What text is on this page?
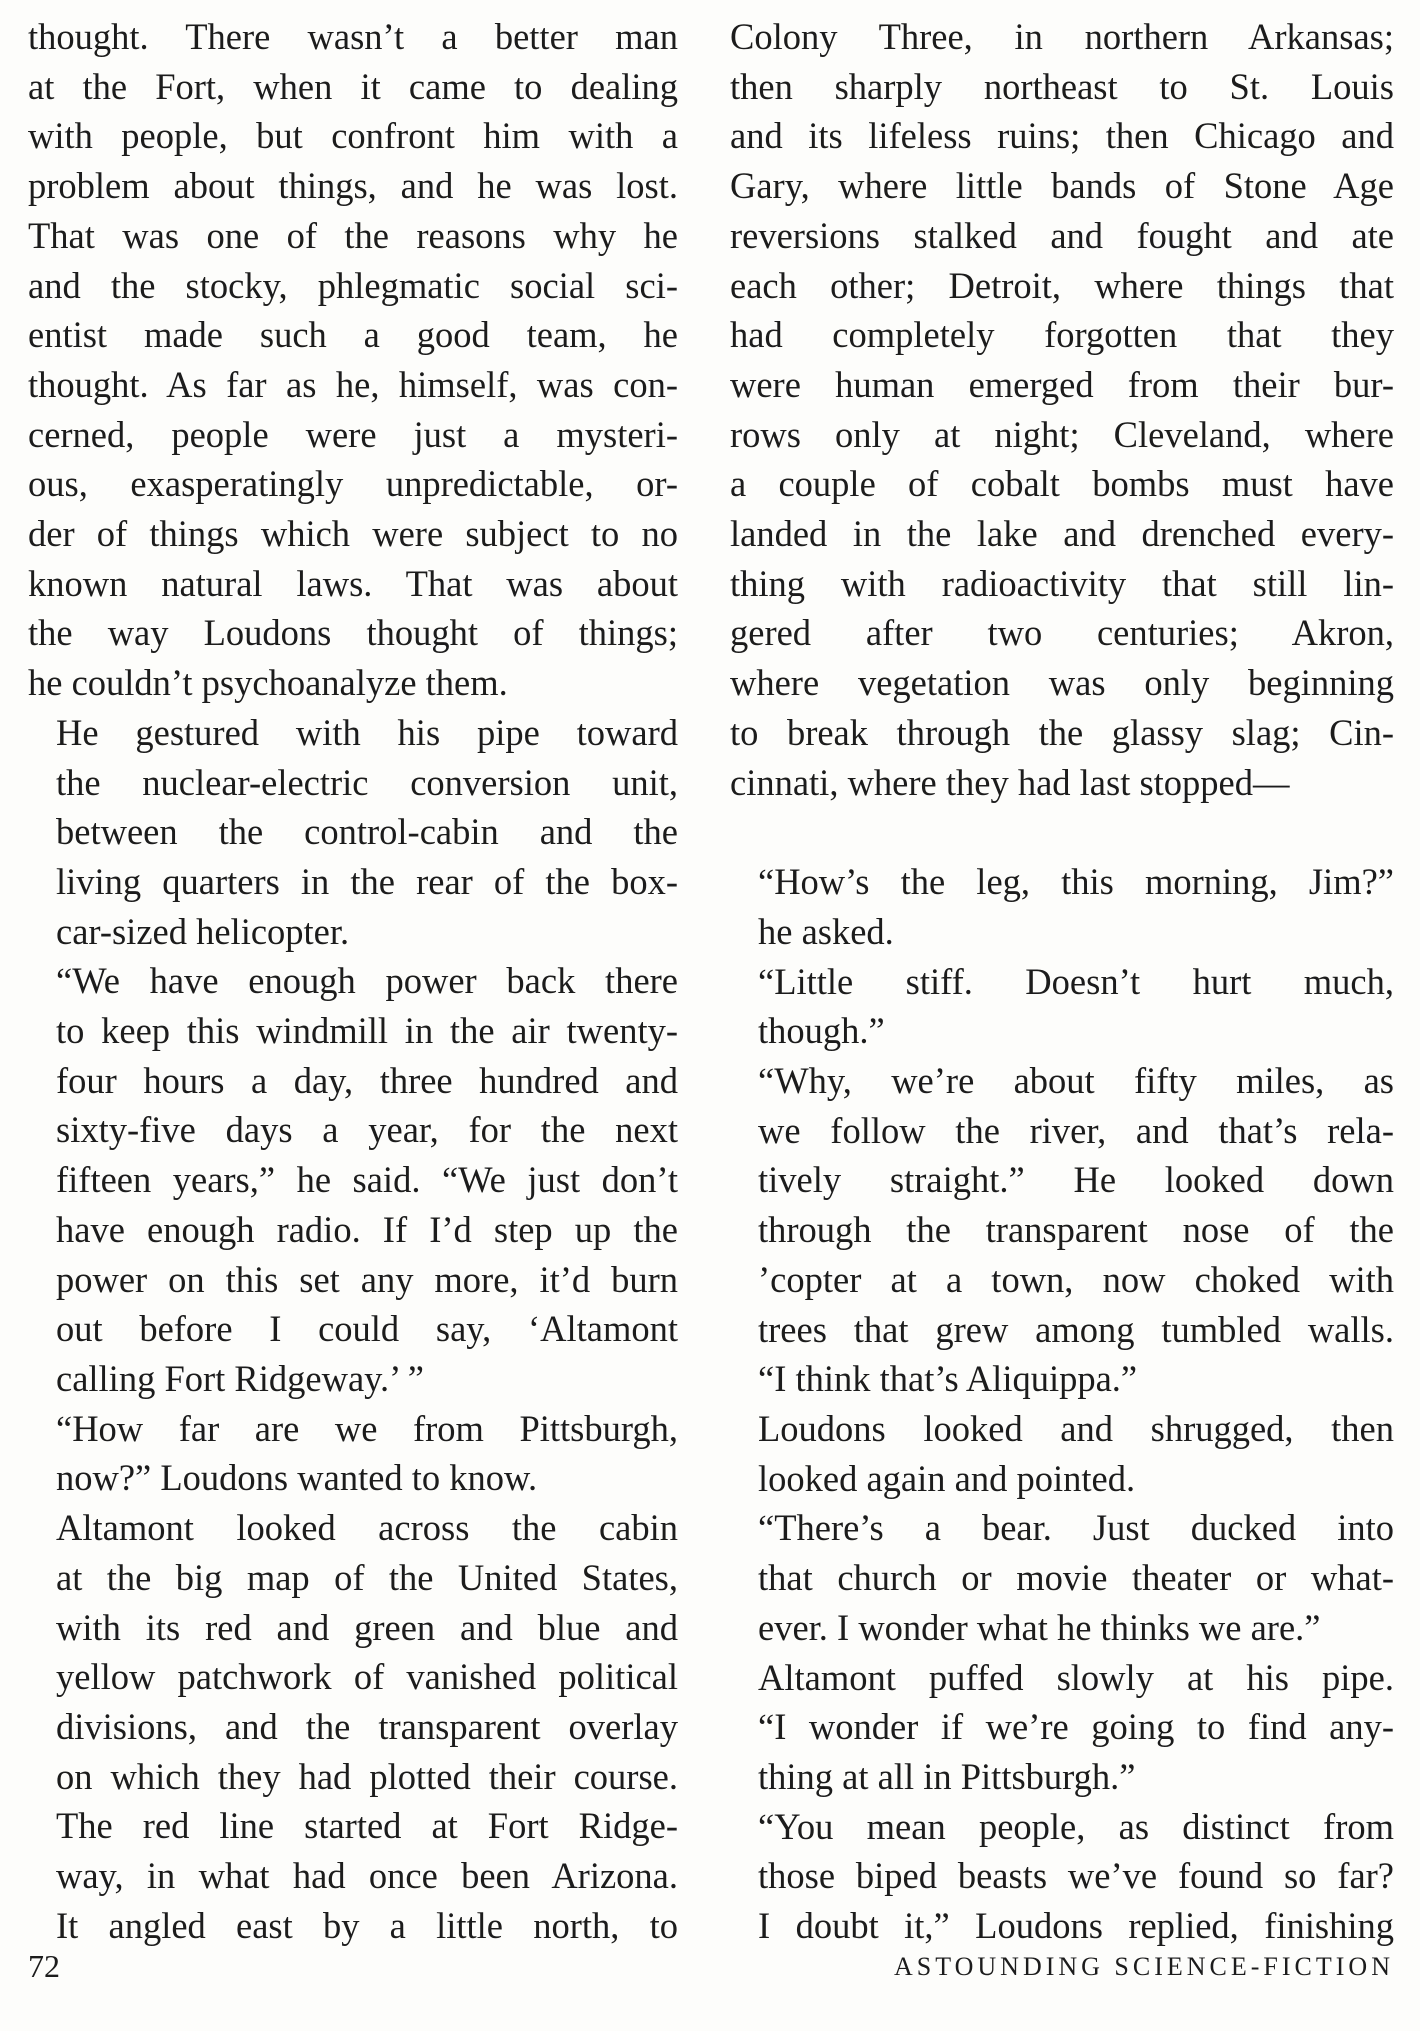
thought. There wasn’t a better man
at the Fort, when it came to dealing
with people, but confront him with a
problem about things, and he was lost.
That was one of the reasons why he
and the stocky, phlegmatic social sci-
entist made such a good team, he
thought. As far as he, himself, was con-
cerned, people were just a mysteri-
ous, exasperatingly unpredictable, or-
der of things which were subject to no
known natural laws. That was about
the way Loudons thought of things;
he couldn’t psychoanalyze them.

He gestured with his pipe toward
the nuclear-electric conversion unit,
between the control-cabin and the
living quarters in the rear of the box-
car-sized helicopter.

“We have enough power back there
to keep this windmill in the air twenty-
four hours a day, three hundred and
sixty-five days a year, for the next
fifteen years,” he said. “We just don’t
have enough radio. If I’d step up the
power on this set any more, it’d burn
out before I could say, ‘Altamont
calling Fort Ridgeway.’ ”

“How far are we from Pittsburgh,
now?” Loudons wanted to know.

Altamont looked across the cabin
at the big map of the United States,
with its red and green and blue and
yellow patchwork of vanished political
divisions, and the transparent overlay
on which they had plotted their course.
The red line started at Fort Ridge-
way, in what had once been Arizona.
It angled east by a little north, to

Colony Three, in northern Arkansas;
then sharply northeast to St. Louis
and its lifeless ruins; then Chicago and
Gary, where little bands of Stone Age
reversions stalked and fought and ate
each other; Detroit, where things that
had completely forgotten that they
were human emerged from their bur-
rows only at night; Cleveland, where
a couple of cobalt bombs must have
landed in the lake and drenched every-
thing with radioactivity that still lin-
gered after two centuries; Akron,
where vegetation was only beginning
to break through the glassy slag; Cin-
cinnati, where they had last stopped—

“How’s the leg, this morning, Jim?”
he asked.

“Little stiff. Doesn’t hurt much,
though.”

“Why, we’re about fifty miles, as
we follow the river, and that’s rela-
tively straight.” He looked down
through the transparent nose of the
’copter at a town, now choked with
trees that grew among tumbled walls.
“I think that’s Aliquippa.”

Loudons looked and shrugged, then
looked again and pointed.

“There’s a bear. Just ducked into
that church or movie theater or what-
ever. I wonder what he thinks we are.”

Altamont puffed slowly at his pipe.
“I wonder if we’re going to find any-
thing at all in Pittsburgh.”

“You mean people, as distinct from
those biped beasts we’ve found so far?
I doubt it,” Loudons replied, finishing

72	ASTOUNDING SCIENCE-FICTION
